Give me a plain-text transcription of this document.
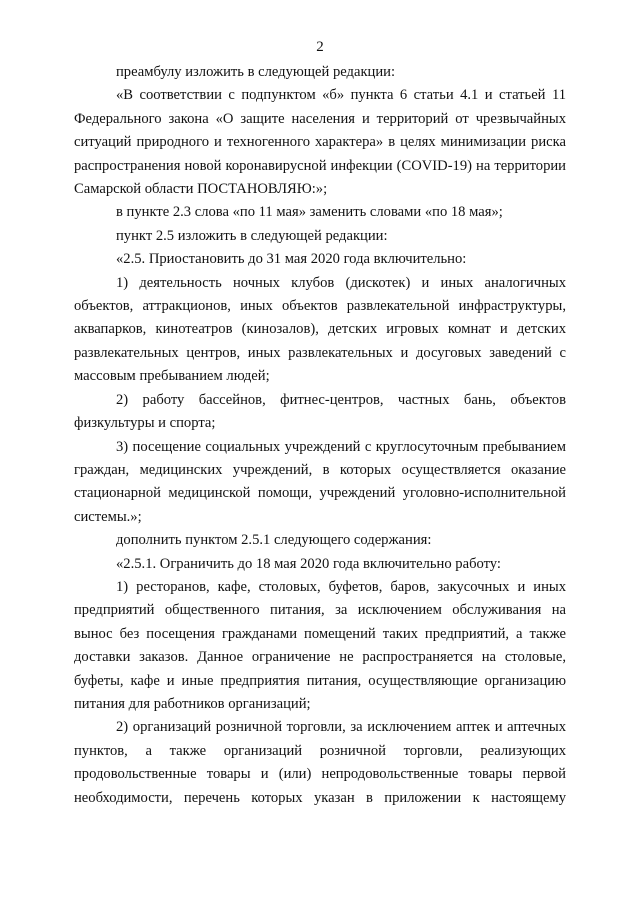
2

преамбулу изложить в следующей редакции:

«В соответствии с подпунктом «б» пункта 6 статьи 4.1 и статьей 11 Федерального закона «О защите населения и территорий от чрезвычайных ситуаций природного и техногенного характера» в целях минимизации риска распространения новой коронавирусной инфекции (COVID-19) на территории Самарской области ПОСТАНОВЛЯЮ:»;

в пункте 2.3 слова «по 11 мая» заменить словами «по 18 мая»;

пункт 2.5 изложить в следующей редакции:

«2.5. Приостановить до 31 мая 2020 года включительно:

1) деятельность ночных клубов (дискотек) и иных аналогичных объектов, аттракционов, иных объектов развлекательной инфраструктуры, аквапарков, кинотеатров (кинозалов), детских игровых комнат и детских развлекательных центров, иных развлекательных и досуговых заведений с массовым пребыванием людей;

2) работу бассейнов, фитнес-центров, частных бань, объектов физкультуры и спорта;

3) посещение социальных учреждений с круглосуточным пребыванием граждан, медицинских учреждений, в которых осуществляется оказание стационарной медицинской помощи, учреждений уголовно-исполнительной системы.»;

дополнить пунктом 2.5.1 следующего содержания:

«2.5.1. Ограничить до 18 мая 2020 года включительно работу:

1) ресторанов, кафе, столовых, буфетов, баров, закусочных и иных предприятий общественного питания, за исключением обслуживания на вынос без посещения гражданами помещений таких предприятий, а также доставки заказов. Данное ограничение не распространяется на столовые, буфеты, кафе и иные предприятия питания, осуществляющие организацию питания для работников организаций;

2) организаций розничной торговли, за исключением аптек и аптечных пунктов, а также организаций розничной торговли, реализующих продовольственные товары и (или) непродовольственные товары первой необходимости, перечень которых указан в приложении к настоящему
